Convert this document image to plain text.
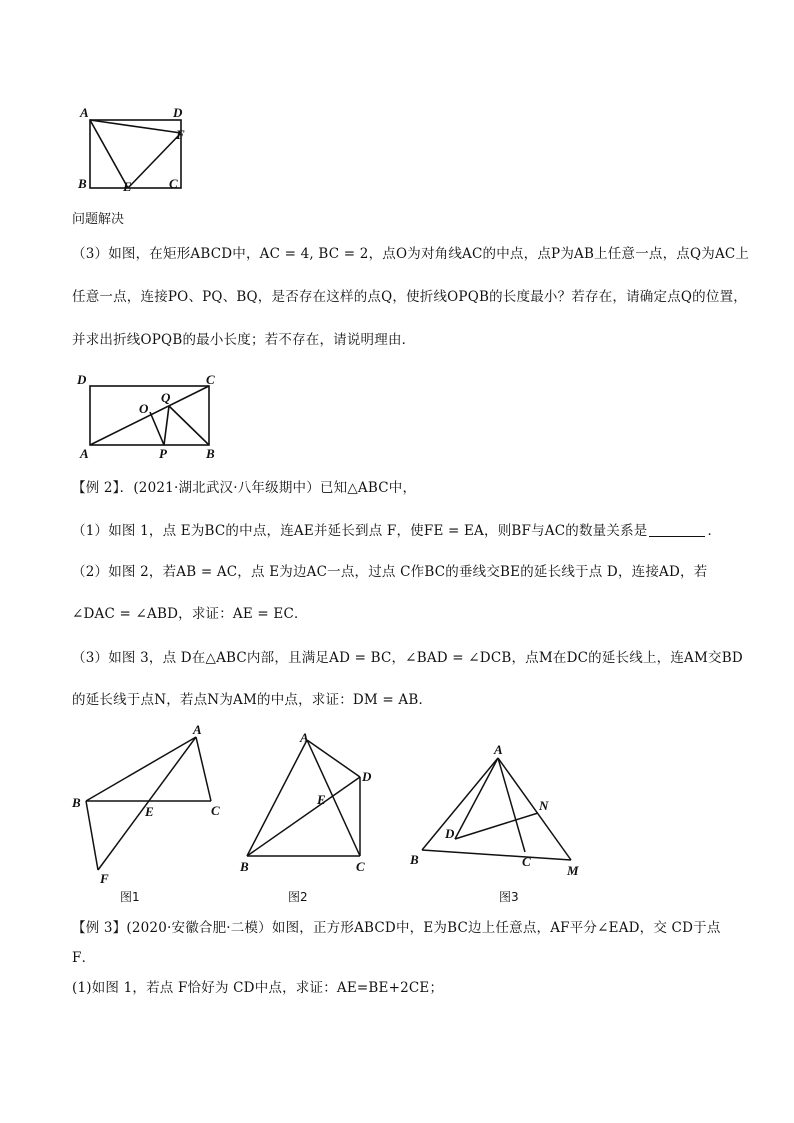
A	D
F
B	E	C
问题解决
（3）如图，在矩形ABCD中，AC = 4, BC = 2，点O为对角线AC的中点，点P为AB上任意一点，点Q为AC上
任意一点，连接PO、PQ、BQ，是否存在这样的点Q，使折线OPQB的长度最小？若存在，请确定点Q的位置，
并求出折线OPQB的最小长度；若不存在，请说明理由．
D	C
O
Q
A	P	B
【例 2】．(2021·湖北武汉·八年级期中）已知△ABC中，
（1）如图 1，点 E为BC的中点，连AE并延长到点 F，使FE = EA，则BF与AC的数量关系是	．
（2）如图 2，若AB = AC，点 E为边AC一点，过点 C作BC的垂线交BE的延长线于点 D，连接AD，若
∠DAC = ∠ABD，求证：AE = EC．
（3）如图 3，点 D在△ABC内部，且满足AD = BC，∠BAD = ∠DCB，点M在DC的延长线上，连AM交BD
的延长线于点N，若点N为AM的中点，求证：DM = AB．
A
B
E	C
F
图1
A
D
E
B	C
图2
A
N
D
B	C
M
图3
【例 3】(2020·安徽合肥·二模）如图，正方形ABCD中，E为BC边上任意点，AF平分∠EAD，交 CD于点
F．
(1)如图 1，若点 F恰好为 CD中点，求证：AE=BE+2CE；
